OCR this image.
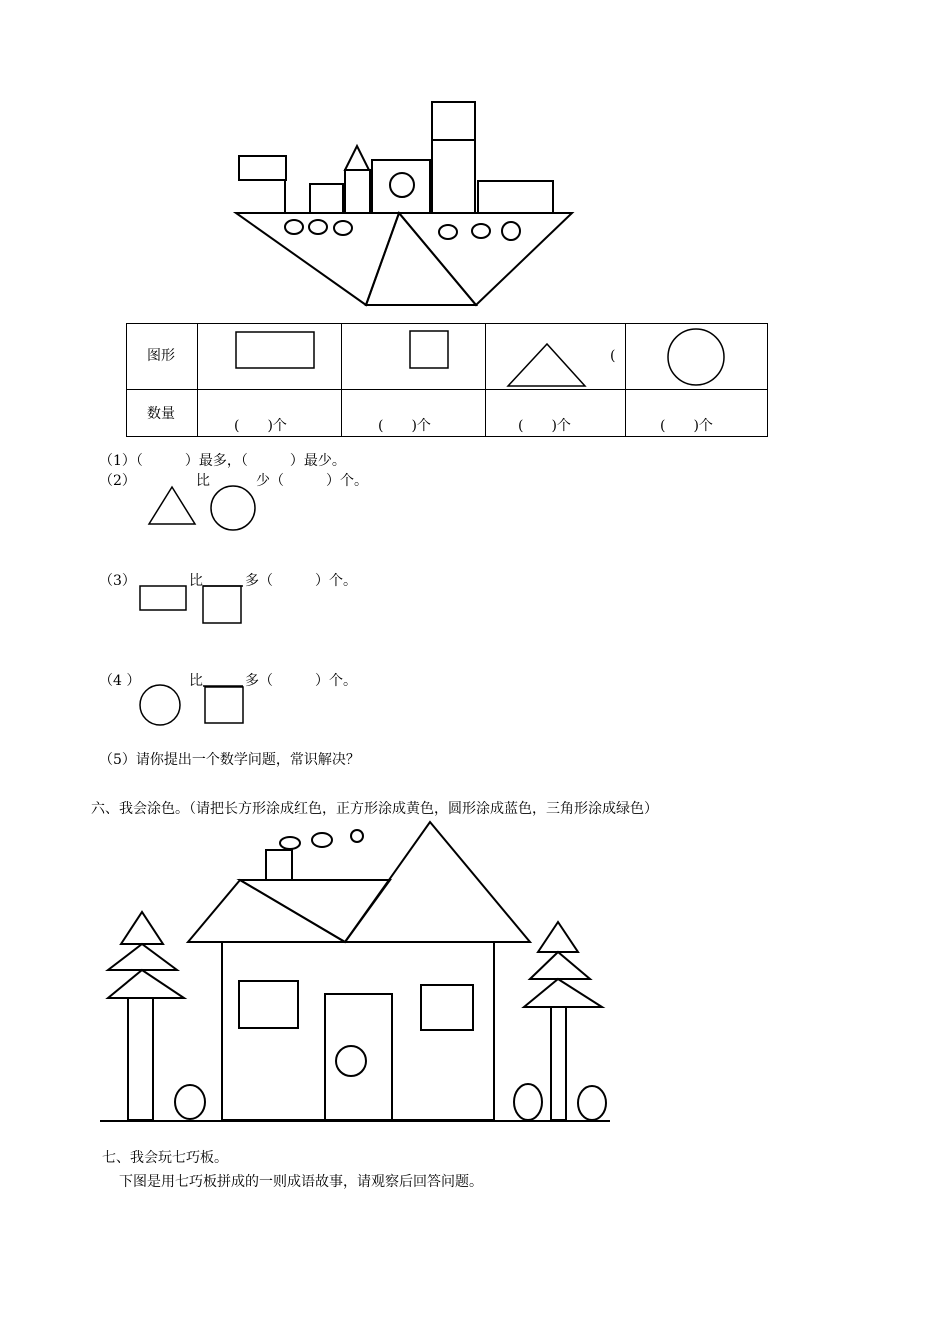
图形			(

数量	(　　)个	(　　)个	(　　)个	(　　)个
（1）（　　　）最多，（　　　）最少。
（2）	比	少（　　　）个。
（3）	比	多（　　　）个。
（4 ）	比	多（　　　）个。
（5）请你提出一个数学问题，常识解决？
六、我会涂色。（请把长方形涂成红色，正方形涂成黄色，圆形涂成蓝色，三角形涂成绿色）
七、我会玩七巧板。
下图是用七巧板拼成的一则成语故事，请观察后回答问题。
